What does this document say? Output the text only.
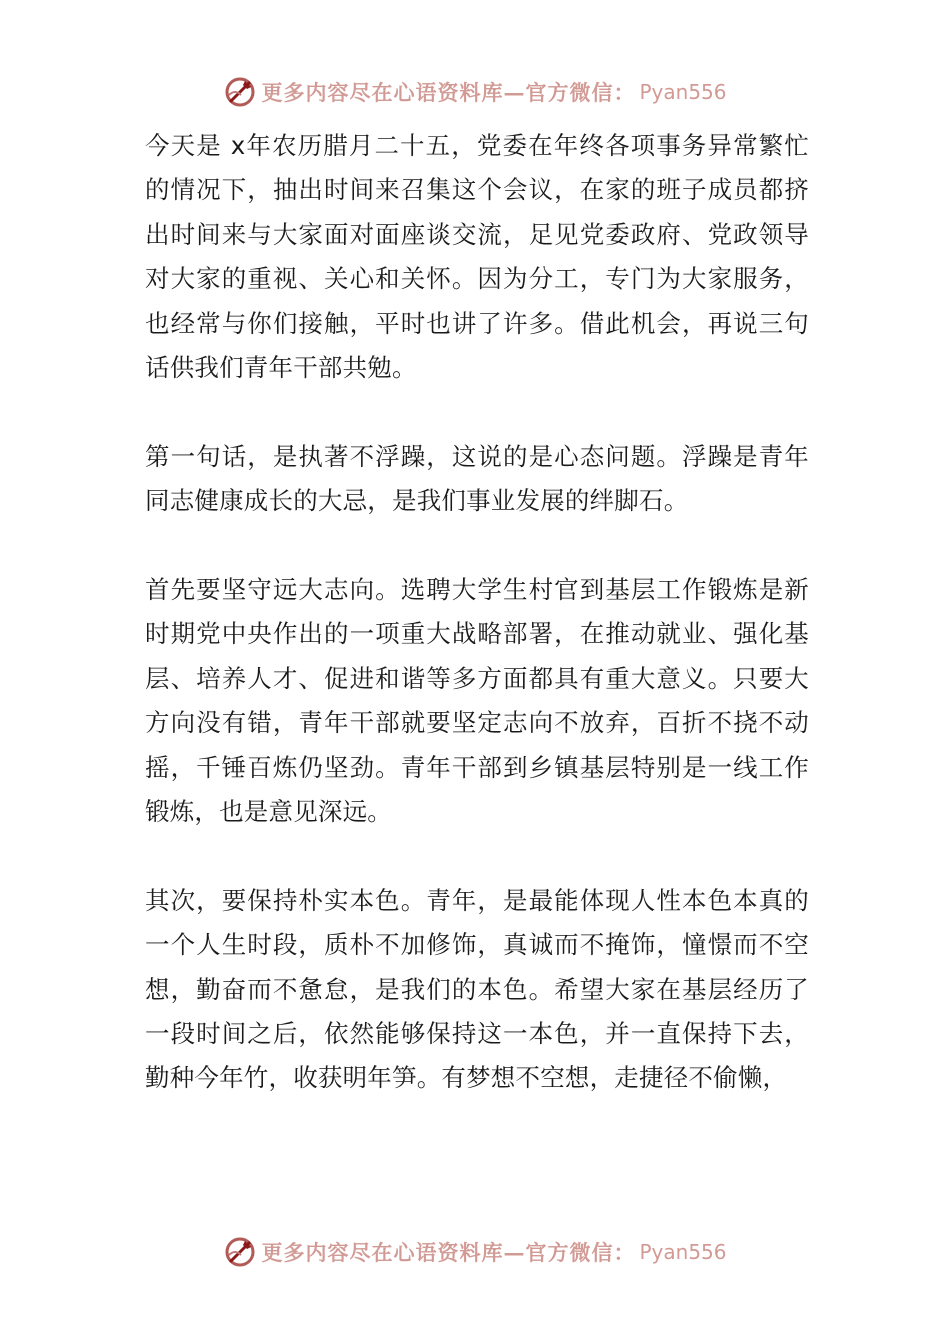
更多内容尽在心语资料库—官方微信： Pyan556

今天是 x年农历腊月二十五，党委在年终各项事务异常繁忙的情况下，抽出时间来召集这个会议，在家的班子成员都挤出时间来与大家面对面座谈交流，足见党委政府、党政领导对大家的重视、关心和关怀。因为分工，专门为大家服务，也经常与你们接触，平时也讲了许多。借此机会，再说三句话供我们青年干部共勉。

第一句话，是执著不浮躁，这说的是心态问题。浮躁是青年同志健康成长的大忌，是我们事业发展的绊脚石。

首先要坚守远大志向。选聘大学生村官到基层工作锻炼是新时期党中央作出的一项重大战略部署，在推动就业、强化基层、培养人才、促进和谐等多方面都具有重大意义。只要大方向没有错，青年干部就要坚定志向不放弃，百折不挠不动摇，千锤百炼仍坚劲。青年干部到乡镇基层特别是一线工作锻炼，也是意见深远。

其次，要保持朴实本色。青年，是最能体现人性本色本真的一个人生时段，质朴不加修饰，真诚而不掩饰，憧憬而不空想，勤奋而不惫怠，是我们的本色。希望大家在基层经历了一段时间之后，依然能够保持这一本色，并一直保持下去， 勤种今年竹，收获明年笋。有梦想不空想，走捷径不偷懒，

更多内容尽在心语资料库—官方微信： Pyan556
